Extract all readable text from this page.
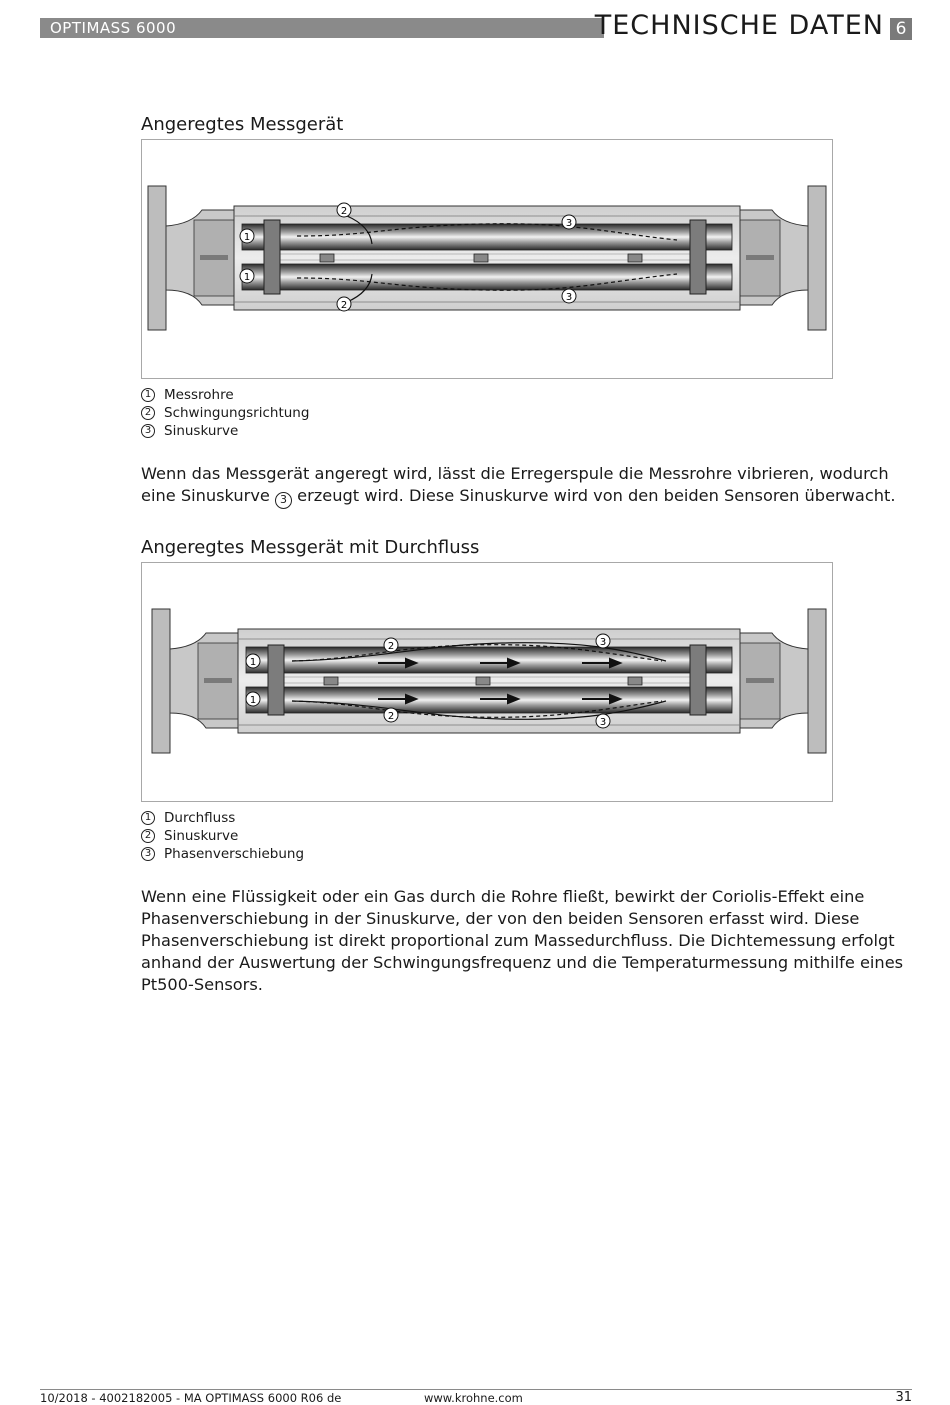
OPTIMASS 6000	TECHNISCHE DATEN 6
Angeregtes Messgerät
1
1
2
2
3
3
1 Messrohre
2 Schwingungsrichtung
3 Sinuskurve

Wenn das Messgerät angeregt wird, lässt die Erregerspule die Messrohre vibrieren, wodurch eine Sinuskurve 3 erzeugt wird. Diese Sinuskurve wird von den beiden Sensoren überwacht.

Angeregtes Messgerät mit Durchfluss
1
1
2
2
3
3
1 Durchfluss
2 Sinuskurve
3 Phasenverschiebung

Wenn eine Flüssigkeit oder ein Gas durch die Rohre fließt, bewirkt der Coriolis-Effekt eine Phasenverschiebung in der Sinuskurve, der von den beiden Sensoren erfasst wird. Diese Phasenverschiebung ist direkt proportional zum Massedurchfluss. Die Dichtemessung erfolgt anhand der Auswertung der Schwingungsfrequenz und die Temperaturmessung mithilfe eines Pt500-Sensors.

10/2018 - 4002182005 - MA OPTIMASS 6000 R06 de	www.krohne.com	31
